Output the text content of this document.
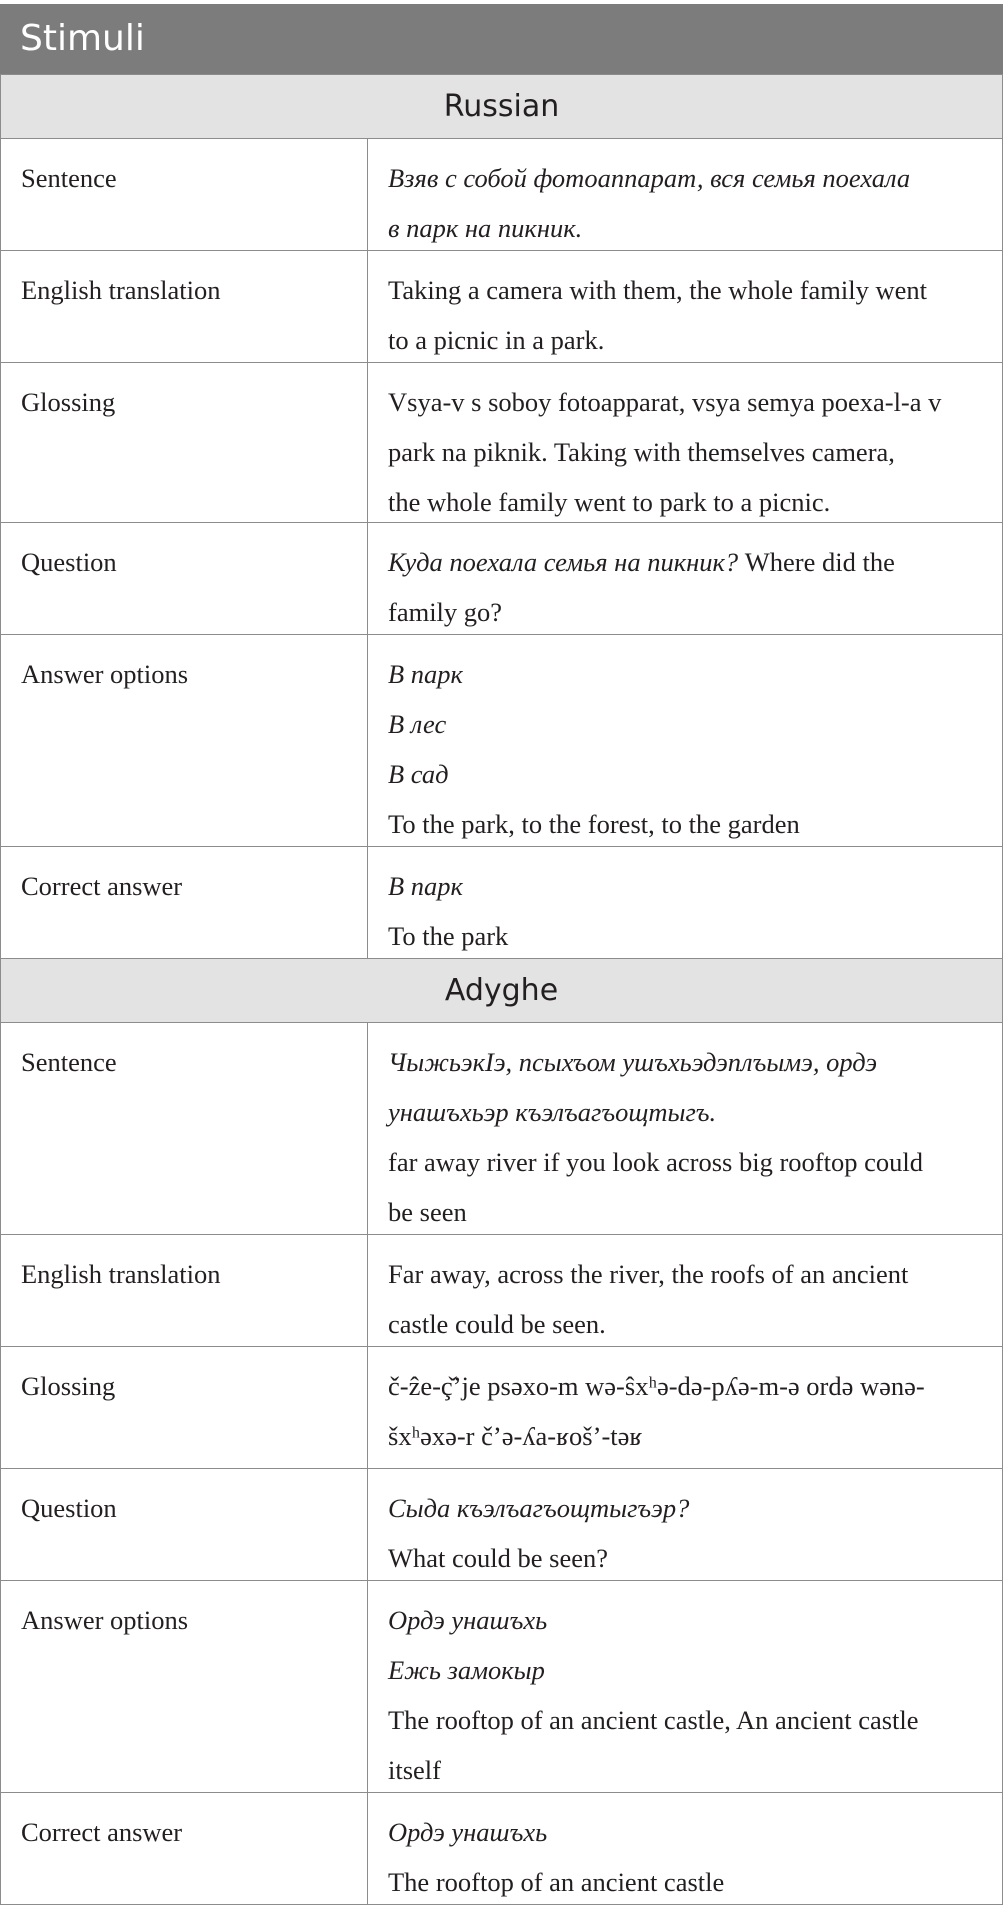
Stimuli
Russian
Sentence	Взяв с собой фотоаппарат, вся семья поехала
в парк на пикник.
English translation	Taking a camera with them, the whole family went
to a picnic in a park.
Glossing	Vsya-v s soboy fotoapparat, vsya semya poexa-l-a v
park na piknik. Taking with themselves camera,
the whole family went to park to a picnic.
Question	Куда поехала семья на пикник? Where did the
family go?
Answer options	В парк
В лес
В сад
To the park, to the forest, to the garden
Correct answer	В парк
To the park
Adyghe
Sentence	ЧыжьэкIэ, псыхъом ушъхьэдэплъымэ, ордэ
унашъхьэр къэлъагъощтыгъ.
far away river if you look across big rooftop could
be seen
English translation	Far away, across the river, the roofs of an ancient
castle could be seen.
Glossing	č-ẑe-ç̌ʼje psəxo-m wə-ŝxʰə-də-pʎə-m-ə ordə wənə-
šxʰəxə-r čʼə-ʎa-ʁošʼ-təʁ
Question	Сыда къэлъагъощтыгъэр?
What could be seen?
Answer options	Ордэ унашъхь
Ежь замокыр
The rooftop of an ancient castle, An ancient castle
itself
Correct answer	Ордэ унашъхь
The rooftop of an ancient castle
